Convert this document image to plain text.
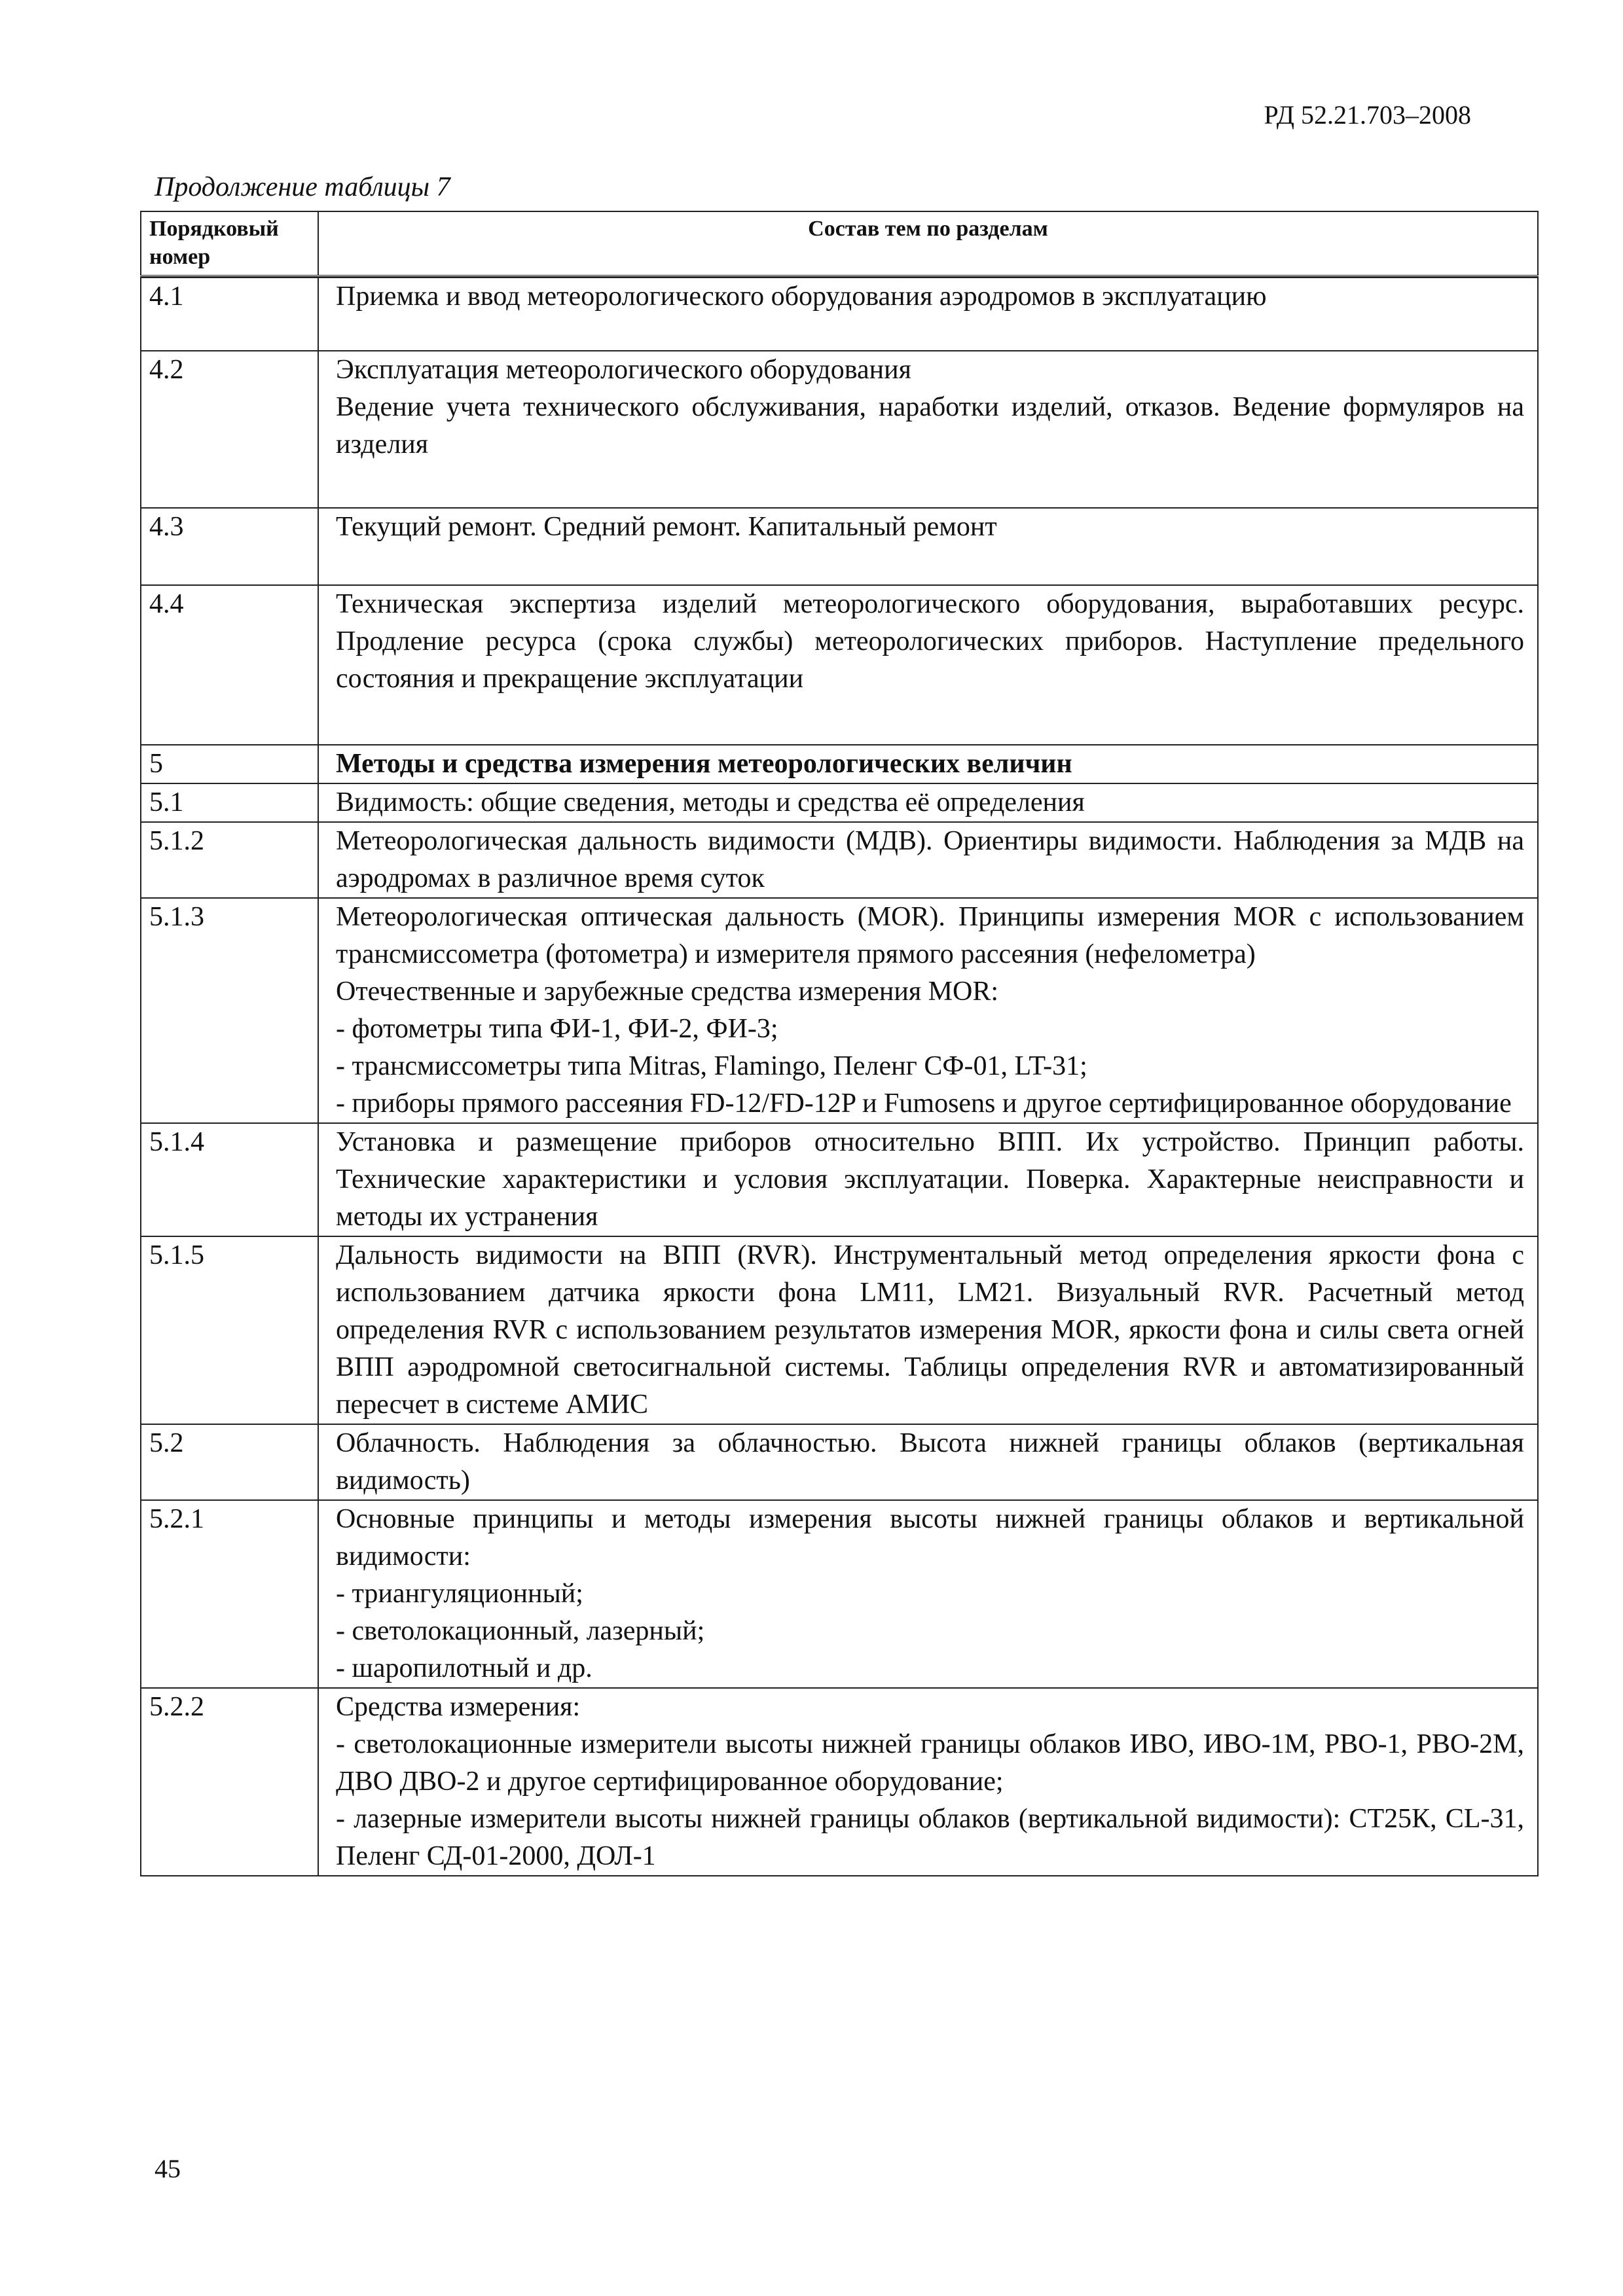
РД 52.21.703–2008
Продолжение таблицы 7
Порядковый номер	Состав тем по разделам

4.1	Приемка и ввод метеорологического оборудования аэродромов в эксплуатацию

4.2	Эксплуатация метеорологического оборудования
Ведение учета технического обслуживания, наработки изделий, отказов. Ведение формуляров на изделия

4.3	Текущий ремонт. Средний ремонт. Капитальный ремонт

4.4	Техническая экспертиза изделий метеорологического оборудования, выработавших ресурс. Продление ресурса (срока службы) метеорологических приборов. Наступление предельного состояния и прекращение эксплуатации

5	Методы и средства измерения метеорологических величин

5.1	Видимость: общие сведения, методы и средства её определения

5.1.2	Метеорологическая дальность видимости (МДВ). Ориентиры видимости. Наблюдения за МДВ на аэродромах в различное время суток

5.1.3	Метеорологическая оптическая дальность (MOR). Принципы измерения MOR с использованием трансмиссометра (фотометра) и измерителя прямого рассеяния (нефелометра)
Отечественные и зарубежные средства измерения MOR:
- фотометры типа ФИ-1, ФИ-2, ФИ-3;
- трансмиссометры типа Mitras, Flamingo, Пеленг СФ-01, LT-31;
- приборы прямого рассеяния FD-12/FD-12P и Fumosens и другое сертифицированное оборудование

5.1.4	Установка и размещение приборов относительно ВПП. Их устройство. Принцип работы. Технические характеристики и условия эксплуатации. Поверка. Характерные неисправности и методы их устранения

5.1.5	Дальность видимости на ВПП (RVR). Инструментальный метод определения яркости фона с использованием датчика яркости фона LM11, LM21. Визуальный RVR. Расчетный метод определения RVR с использованием результатов измерения MOR, яркости фона и силы света огней ВПП аэродромной светосигнальной системы. Таблицы определения RVR и автоматизированный пересчет в системе АМИС

5.2	Облачность. Наблюдения за облачностью. Высота нижней границы облаков (вертикальная видимость)

5.2.1	Основные принципы и методы измерения высоты нижней границы облаков и вертикальной видимости:
- триангуляционный;
- светолокационный, лазерный;
- шаропилотный и др.

5.2.2	Средства измерения:
- светолокационные измерители высоты нижней границы облаков ИВО, ИВО-1М, РВО-1, РВО-2М, ДВО ДВО-2 и другое сертифицированное оборудование;
- лазерные измерители высоты нижней границы облаков (вертикальной видимости): СТ25К, CL-31, Пеленг СД-01-2000, ДОЛ-1
45
